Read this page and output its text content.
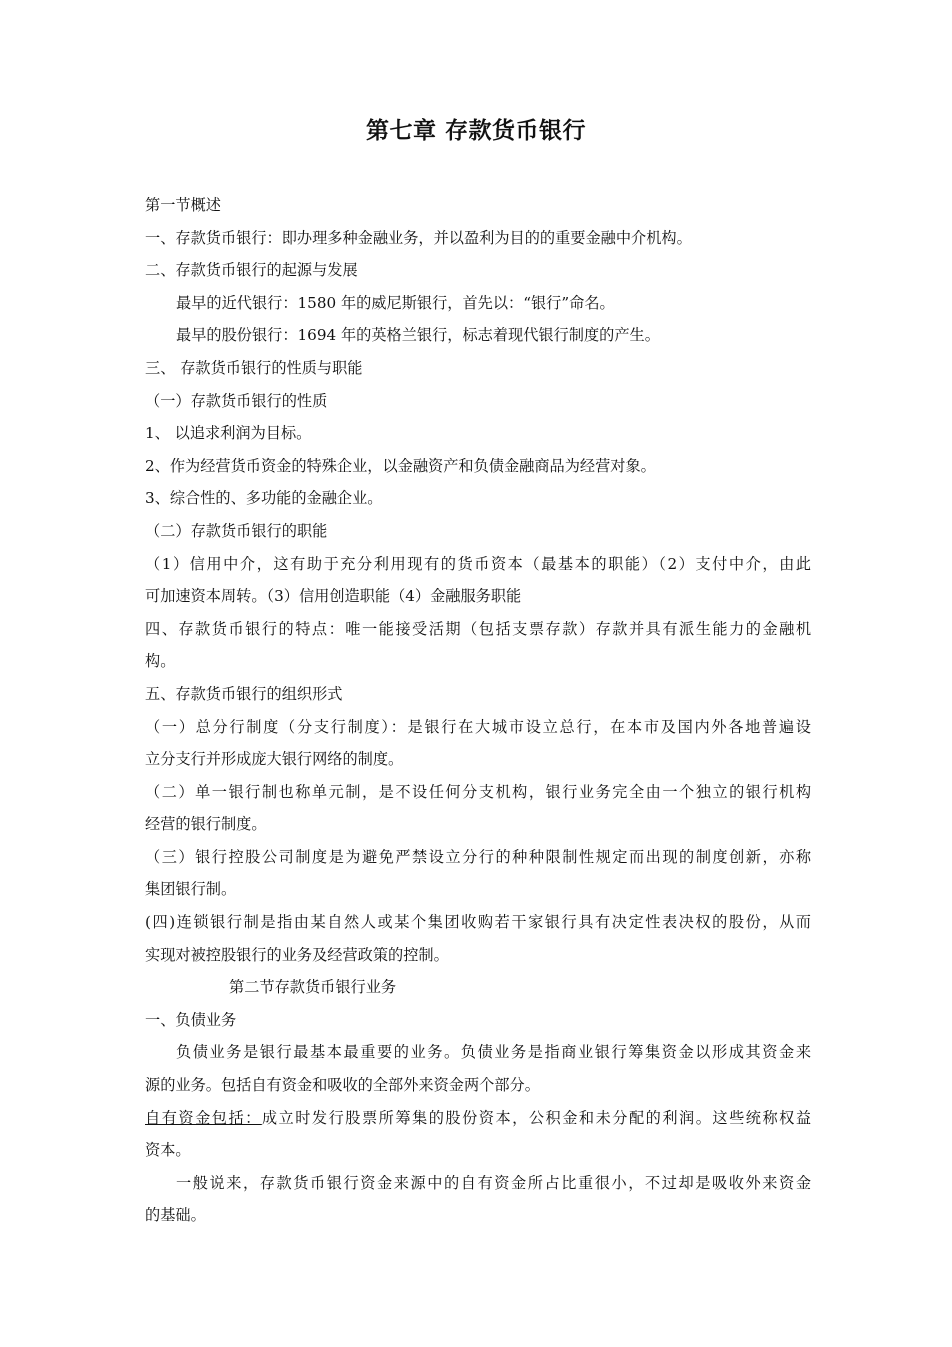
第七章 存款货币银行
第一节概述
一、存款货币银行：即办理多种金融业务，并以盈利为目的的重要金融中介机构。
二、存款货币银行的起源与发展
最早的近代银行：1580 年的威尼斯银行，首先以：“银行”命名。
最早的股份银行：1694 年的英格兰银行，标志着现代银行制度的产生。
三、 存款货币银行的性质与职能
（一）存款货币银行的性质
1、 以追求利润为目标。
2、作为经营货币资金的特殊企业，以金融资产和负债金融商品为经营对象。
3、综合性的、多功能的金融企业。
（二）存款货币银行的职能
（1）信用中介，这有助于充分利用现有的货币资本（最基本的职能）（2）支付中介，由此
可加速资本周转。（3）信用创造职能（4）金融服务职能
四、存款货币银行的特点：唯一能接受活期（包括支票存款）存款并具有派生能力的金融机
构。
五、存款货币银行的组织形式
（一）总分行制度（分支行制度）：是银行在大城市设立总行，在本市及国内外各地普遍设
立分支行并形成庞大银行网络的制度。
（二）单一银行制也称单元制，是不设任何分支机构，银行业务完全由一个独立的银行机构
经营的银行制度。
（三）银行控股公司制度是为避免严禁设立分行的种种限制性规定而出现的制度创新，亦称
集团银行制。
(四)连锁银行制是指由某自然人或某个集团收购若干家银行具有决定性表决权的股份，从而
实现对被控股银行的业务及经营政策的控制。
第二节存款货币银行业务
一、负债业务
负债业务是银行最基本最重要的业务。负债业务是指商业银行筹集资金以形成其资金来
源的业务。包括自有资金和吸收的全部外来资金两个部分。
自有资金包括：成立时发行股票所筹集的股份资本，公积金和未分配的利润。这些统称权益
资本。
一般说来，存款货币银行资金来源中的自有资金所占比重很小，不过却是吸收外来资金
的基础。
